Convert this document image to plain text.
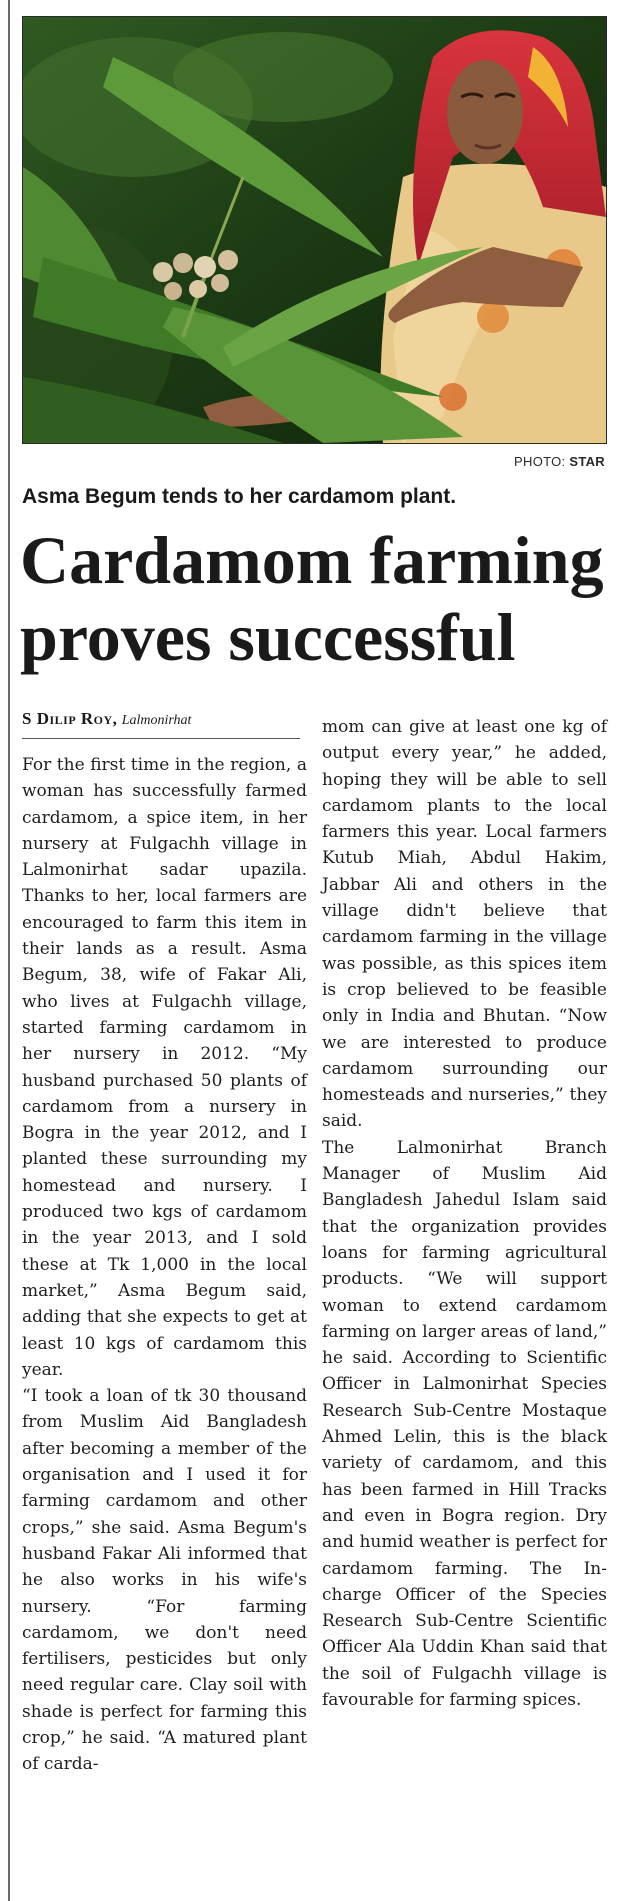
PHOTO: STAR
Asma Begum tends to her cardamom plant.
Cardamom farming
proves successful
S Dilip Roy, Lalmonirhat

For the first time in the region, a woman has successfully farmed cardamom, a spice item, in her nursery at Fulgachh village in Lalmonirhat sadar upazila. Thanks to her, local farmers are encouraged to farm this item in their lands as a result. Asma Begum, 38, wife of Fakar Ali, who lives at Fulgachh village, started farming cardamom in her nursery in 2012. “My husband purchased 50 plants of cardamom from a nursery in Bogra in the year 2012, and I planted these surrounding my homestead and nursery. I produced two kgs of cardamom in the year 2013, and I sold these at Tk 1,000 in the local market,” Asma Begum said, adding that she expects to get at least 10 kgs of cardamom this year.

“I took a loan of tk 30 thousand from Muslim Aid Bangladesh after becoming a member of the organisation and I used it for farming cardamom and other crops,” she said. Asma Begum's husband Fakar Ali informed that he also works in his wife's nursery. “For farming cardamom, we don't need fertilisers, pesticides but only need regular care. Clay soil with shade is perfect for farming this crop,” he said. “A matured plant of carda-

mom can give at least one kg of output every year,” he added, hoping they will be able to sell cardamom plants to the local farmers this year. Local farmers Kutub Miah, Abdul Hakim, Jabbar Ali and others in the village didn't believe that cardamom farming in the village was possible, as this spices item is crop believed to be feasible only in India and Bhutan. “Now we are interested to produce cardamom surrounding our homesteads and nurseries,” they said.

The Lalmonirhat Branch Manager of Muslim Aid Bangladesh Jahedul Islam said that the organization provides loans for farming agricultural products. “We will support woman to extend cardamom farming on larger areas of land,” he said. According to Scientific Officer in Lalmonirhat Species Research Sub-Centre Mostaque Ahmed Lelin, this is the black variety of cardamom, and this has been farmed in Hill Tracks and even in Bogra region. Dry and humid weather is perfect for cardamom farming. The In-charge Officer of the Species Research Sub-Centre Scientific Officer Ala Uddin Khan said that the soil of Fulgachh village is favourable for farming spices.
